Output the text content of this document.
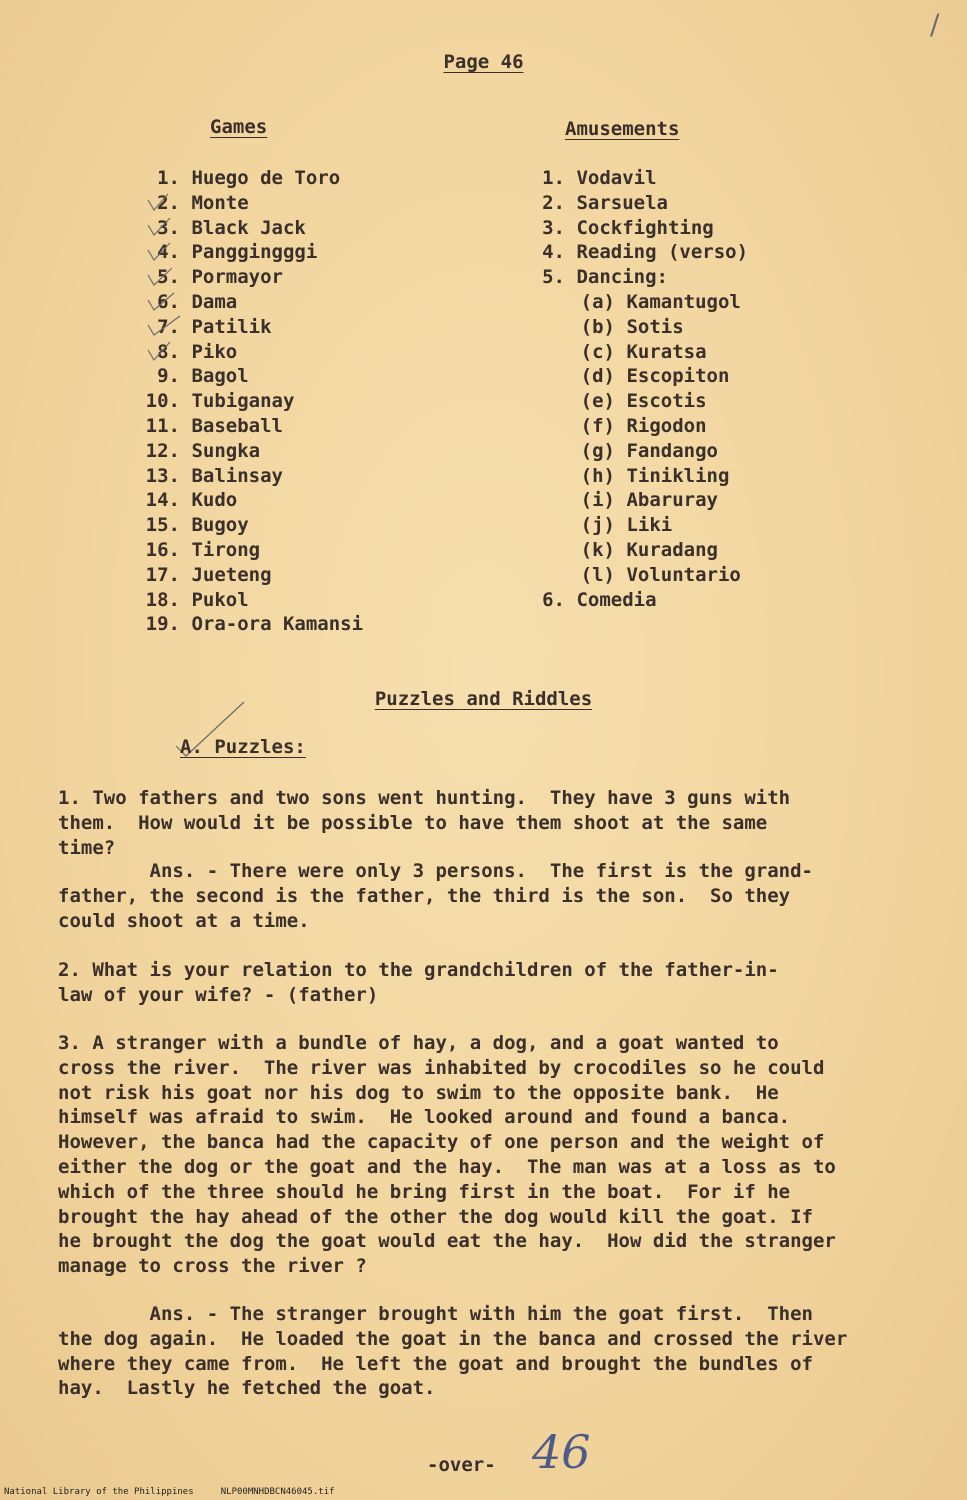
/
Page 46
Games	Amusements
1. Huego de Toro
2. Monte
3. Black Jack
4. Panggingggi
5. Pormayor
6. Dama
7. Patilik
8. Piko
9. Bagol
10. Tubiganay
11. Baseball
12. Sungka
13. Balinsay
14. Kudo
15. Bugoy
16. Tirong
17. Jueteng
18. Pukol
19. Ora-ora Kamansi
1. Vodavil
2. Sarsuela
3. Cockfighting
4. Reading (verso)
5. Dancing:
(a) Kamantugol
(b) Sotis
(c) Kuratsa
(d) Escopiton
(e) Escotis
(f) Rigodon
(g) Fandango
(h) Tinikling
(i) Abaruray
(j) Liki
(k) Kuradang
(l) Voluntario
6. Comedia
Puzzles and Riddles
A. Puzzles:
1. Two fathers and two sons went hunting.  They have 3 guns with
them.  How would it be possible to have them shoot at the same
time?
Ans. - There were only 3 persons.  The first is the grand-
father, the second is the father, the third is the son.  So they
could shoot at a time.
2. What is your relation to the grandchildren of the father-in-
law of your wife? - (father)
3. A stranger with a bundle of hay, a dog, and a goat wanted to
cross the river.  The river was inhabited by crocodiles so he could
not risk his goat nor his dog to swim to the opposite bank.  He
himself was afraid to swim.  He looked around and found a banca.
However, the banca had the capacity of one person and the weight of
either the dog or the goat and the hay.  The man was at a loss as to
which of the three should he bring first in the boat.  For if he
brought the hay ahead of the other the dog would kill the goat. If
he brought the dog the goat would eat the hay.  How did the stranger
manage to cross the river ?
Ans. - The stranger brought with him the goat first.  Then
the dog again.  He loaded the goat in the banca and crossed the river
where they came from.  He left the goat and brought the bundles of
hay.  Lastly he fetched the goat.
-over- 46
National Library of the Philippines     NLP00MNHDBCN46045.tif
